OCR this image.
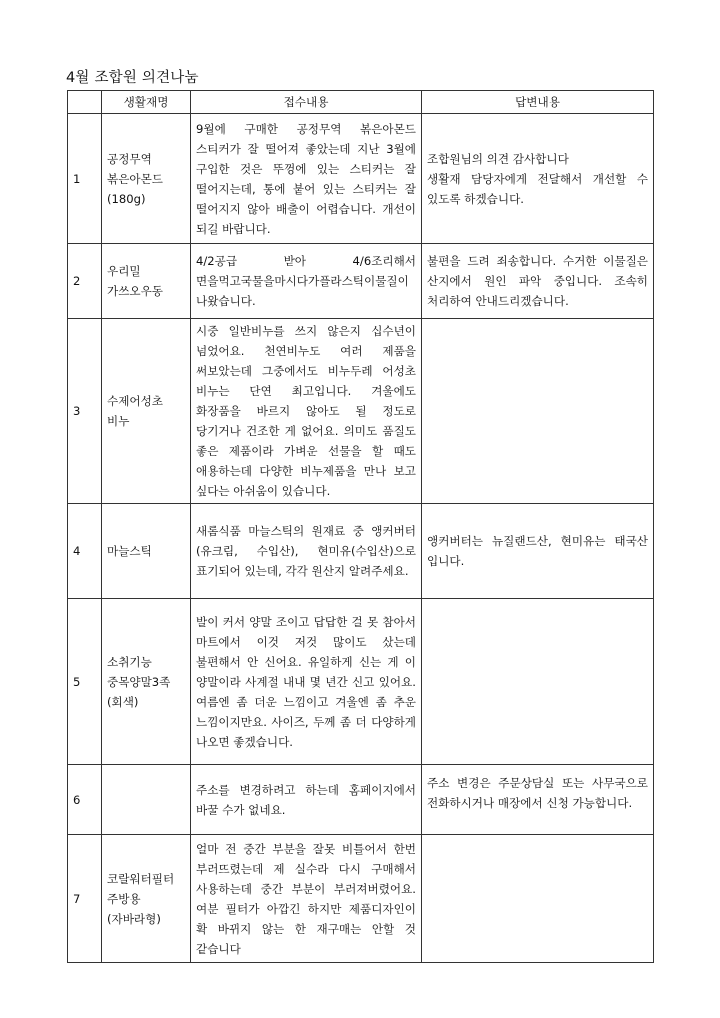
4월 조합원 의견나눔
	생활재명	접수내용	답변내용
1	공정무역 볶은아몬드 (180g)	9월에 구매한 공정무역 볶은아몬드 스티커가 잘 떨어져 좋았는데 지난 3월에 구입한 것은 뚜껑에 있는 스티커는 잘 떨어지는데, 통에 붙어 있는 스티커는 잘 떨어지지 않아 배출이 어렵습니다. 개선이 되길 바랍니다.	조합원님의 의견 감사합니다
생활재 담당자에게 전달해서 개선할 수 있도록 하겠습니다.
2	우리밀 가쓰오우동	4/2공급 받아 4/6조리해서 면을먹고국물을마시다가플라스틱이물질이나왔습니다.	불편을 드려 죄송합니다. 수거한 이물질은 산지에서 원인 파악 중입니다. 조속히 처리하여 안내드리겠습니다.
3	수제어성초 비누	시중 일반비누를 쓰지 않은지 십수년이 넘었어요. 천연비누도 여러 제품을 써보았는데 그중에서도 비누두레 어성초 비누는 단연 최고입니다. 겨울에도 화장품을 바르지 않아도 될 정도로 당기거나 건조한 게 없어요. 의미도 품질도 좋은 제품이라 가벼운 선물을 할 때도 애용하는데 다양한 비누제품을 만나 보고 싶다는 아쉬움이 있습니다.	
4	마늘스틱	새롬식품 마늘스틱의 원재료 중 앵커버터(유크림, 수입산), 현미유(수입산)으로 표기되어 있는데, 각각 원산지 알려주세요.	앵커버터는 뉴질랜드산, 현미유는 태국산 입니다.
5	소취기능 중목양말3족(회색)	발이 커서 양말 조이고 답답한 걸 못 참아서 마트에서 이것 저것 많이도 샀는데 불편해서 안 신어요. 유일하게 신는 게 이 양말이라 사계절 내내 몇 년간 신고 있어요. 여름엔 좀 더운 느낌이고 겨울엔 좀 추운 느낌이지만요. 사이즈, 두께 좀 더 다양하게 나오면 좋겠습니다.	
6		주소를 변경하려고 하는데 홈페이지에서 바꿀 수가 없네요.	주소 변경은 주문상담실 또는 사무국으로 전화하시거나 매장에서 신청 가능합니다.
7	코랄워터필터 주방용(자바라형)	얼마 전 중간 부분을 잘못 비틀어서 한번 부러뜨렸는데 제 실수라 다시 구매해서 사용하는데 중간 부분이 부러져버렸어요. 여분 필터가 아깝긴 하지만 제품디자인이 확 바뀌지 않는 한 재구매는 안할 것 같습니다	
